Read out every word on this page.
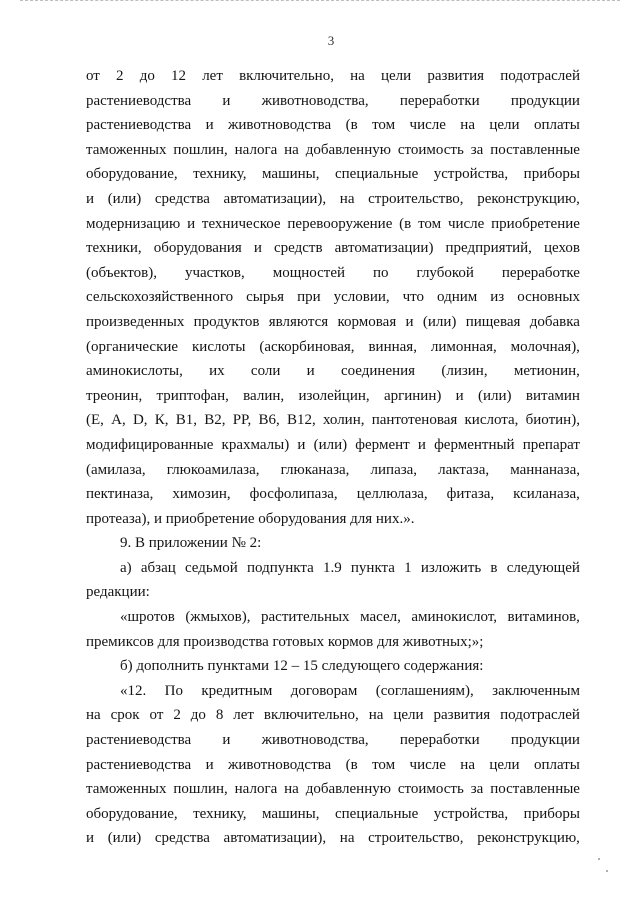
3
от 2 до 12 лет включительно, на цели развития подотраслей
растениеводства и животноводства, переработки продукции
растениеводства и животноводства (в том числе на цели оплаты
таможенных пошлин, налога на добавленную стоимость за поставленные
оборудование, технику, машины, специальные устройства, приборы
и (или) средства автоматизации), на строительство, реконструкцию,
модернизацию и техническое перевооружение (в том числе приобретение
техники, оборудования и средств автоматизации) предприятий, цехов
(объектов), участков, мощностей по глубокой переработке
сельскохозяйственного сырья при условии, что одним из основных
произведенных продуктов являются кормовая и (или) пищевая добавка
(органические кислоты (аскорбиновая, винная, лимонная, молочная),
аминокислоты, их соли и соединения (лизин, метионин,
треонин, триптофан, валин, изолейцин, аргинин) и (или) витамин
(Е, А, D, К, В1, В2, РР, В6, В12, холин, пантотеновая кислота, биотин),
модифицированные крахмалы) и (или) фермент и ферментный препарат
(амилаза, глюкоамилаза, глюканаза, липаза, лактаза, маннаназа,
пектиназа, химозин, фосфолипаза, целлюлаза, фитаза, ксиланаза,
протеаза), и приобретение оборудования для них.».
9. В приложении № 2:
а) абзац седьмой подпункта 1.9 пункта 1 изложить в следующей
редакции:
«шротов (жмыхов), растительных масел, аминокислот, витаминов,
премиксов для производства готовых кормов для животных;»;
б) дополнить пунктами 12 – 15 следующего содержания:
«12. По кредитным договорам (соглашениям), заключенным
на срок от 2 до 8 лет включительно, на цели развития подотраслей
растениеводства и животноводства, переработки продукции
растениеводства и животноводства (в том числе на цели оплаты
таможенных пошлин, налога на добавленную стоимость за поставленные
оборудование, технику, машины, специальные устройства, приборы
и (или) средства автоматизации), на строительство, реконструкцию,
